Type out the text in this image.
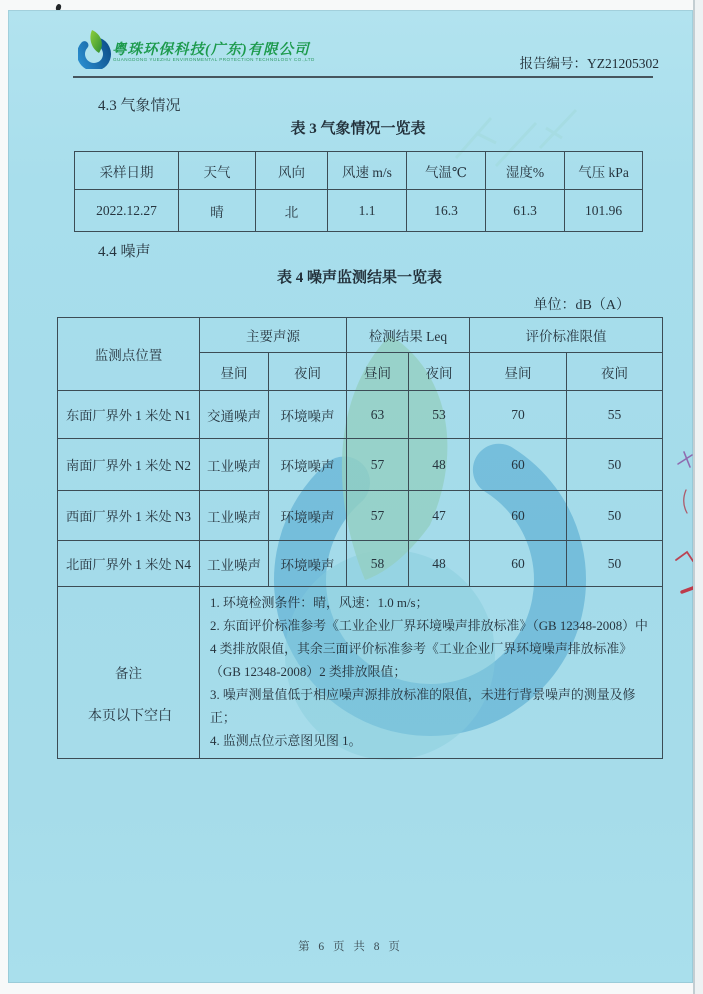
粤珠环保科技(广东)有限公司
GUANGDONG YUEZHU ENVIRONMENTAL PROTECTION TECHNOLOGY CO.,LTD	报告编号：YZ21205302
4.3 气象情况
表 3 气象情况一览表
采样日期	天气	风向	风速 m/s	气温℃	湿度%	气压 kPa
2022.12.27	晴	北	1.1	16.3	61.3	101.96
4.4 噪声
表 4 噪声监测结果一览表
单位：dB（A）
监测点位置	主要声源		检测结果 Leq		评价标准限值	
	昼间	夜间	昼间	夜间	昼间	夜间
东面厂界外 1 米处 N1	交通噪声	环境噪声	63	53	70	55
南面厂界外 1 米处 N2	工业噪声	环境噪声	57	48	60	50
西面厂界外 1 米处 N3	工业噪声	环境噪声	57	47	60	50
北面厂界外 1 米处 N4	工业噪声	环境噪声	58	48	60	50
备注	1. 环境检测条件：晴，风速：1.0 m/s；
2. 东面评价标准参考《工业企业厂界环境噪声排放标准》（GB 12348-2008）中 4 类排放限值，其余三面评价标准参考《工业企业厂界环境噪声排放标准》（GB 12348-2008）2 类排放限值；
3. 噪声测量值低于相应噪声源排放标准的限值，未进行背景噪声的测量及修正；
4. 监测点位示意图见图 1。					
本页以下空白
第 6 页 共 8 页
